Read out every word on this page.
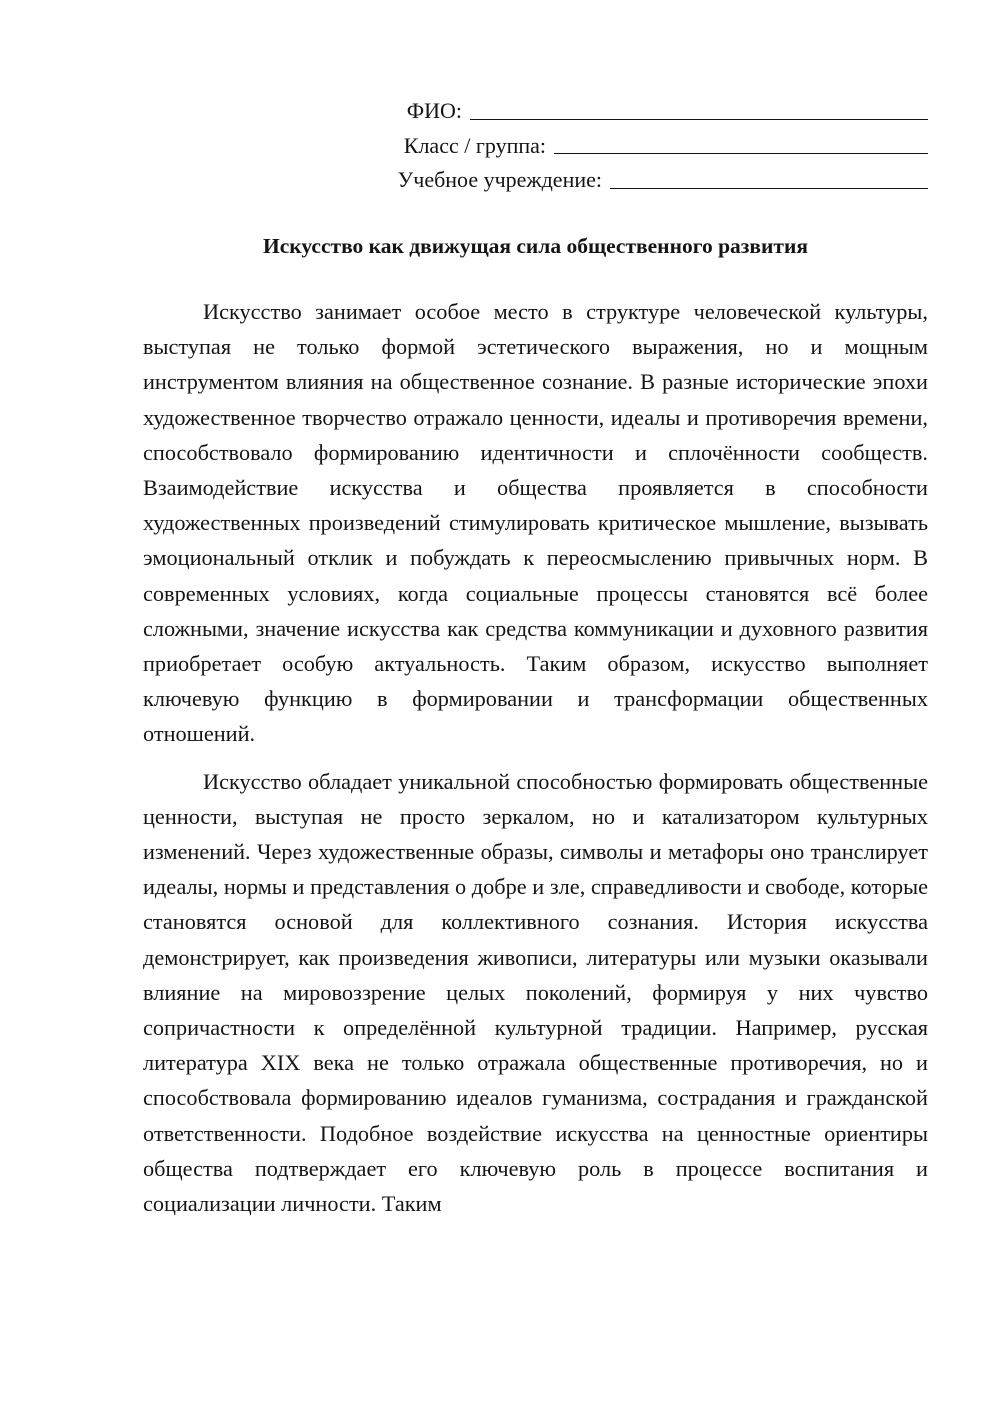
ФИО:
Класс / группа:
Учебное учреждение:
Искусство как движущая сила общественного развития

Искусство занимает особое место в структуре человеческой культуры, выступая не только формой эстетического выражения, но и мощным инструментом влияния на общественное сознание. В разные исторические эпохи художественное творчество отражало ценности, идеалы и противоречия времени, способствовало формированию идентичности и сплочённости сообществ. Взаимодействие искусства и общества проявляется в способности художественных произведений стимулировать критическое мышление, вызывать эмоциональный отклик и побуждать к переосмыслению привычных норм. В современных условиях, когда социальные процессы становятся всё более сложными, значение искусства как средства коммуникации и духовного развития приобретает особую актуальность. Таким образом, искусство выполняет ключевую функцию в формировании и трансформации общественных отношений.

Искусство обладает уникальной способностью формировать общественные ценности, выступая не просто зеркалом, но и катализатором культурных изменений. Через художественные образы, символы и метафоры оно транслирует идеалы, нормы и представления о добре и зле, справедливости и свободе, которые становятся основой для коллективного сознания. История искусства демонстрирует, как произведения живописи, литературы или музыки оказывали влияние на мировоззрение целых поколений, формируя у них чувство сопричастности к определённой культурной традиции. Например, русская литература XIX века не только отражала общественные противоречия, но и способствовала формированию идеалов гуманизма, сострадания и гражданской ответственности. Подобное воздействие искусства на ценностные ориентиры общества подтверждает его ключевую роль в процессе воспитания и социализации личности. Таким
